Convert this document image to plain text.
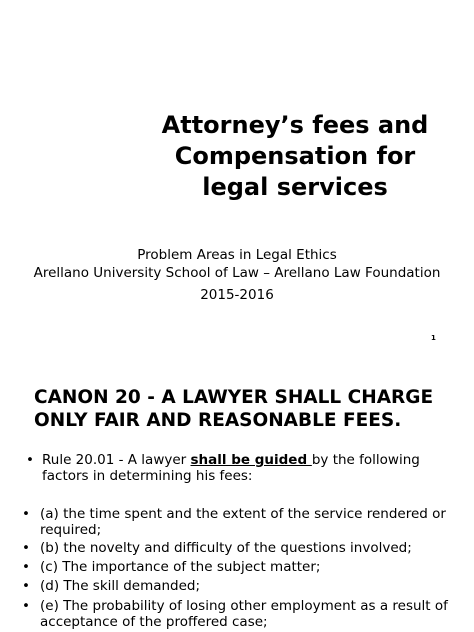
Attorney’s fees and
Compensation for
legal services
Problem Areas in Legal Ethics
Arellano University School of Law – Arellano Law Foundation
2015-2016
1
CANON 20 - A LAWYER SHALL CHARGE
ONLY FAIR AND REASONABLE FEES.
• Rule 20.01 - A lawyer shall be guided by the following factors in determining his fees:
• (a) the time spent and the extent of the service rendered or required;
• (b) the novelty and difficulty of the questions involved;
• (c) The importance of the subject matter;
• (d) The skill demanded;
• (e) The probability of losing other employment as a result of acceptance of the proffered case;
